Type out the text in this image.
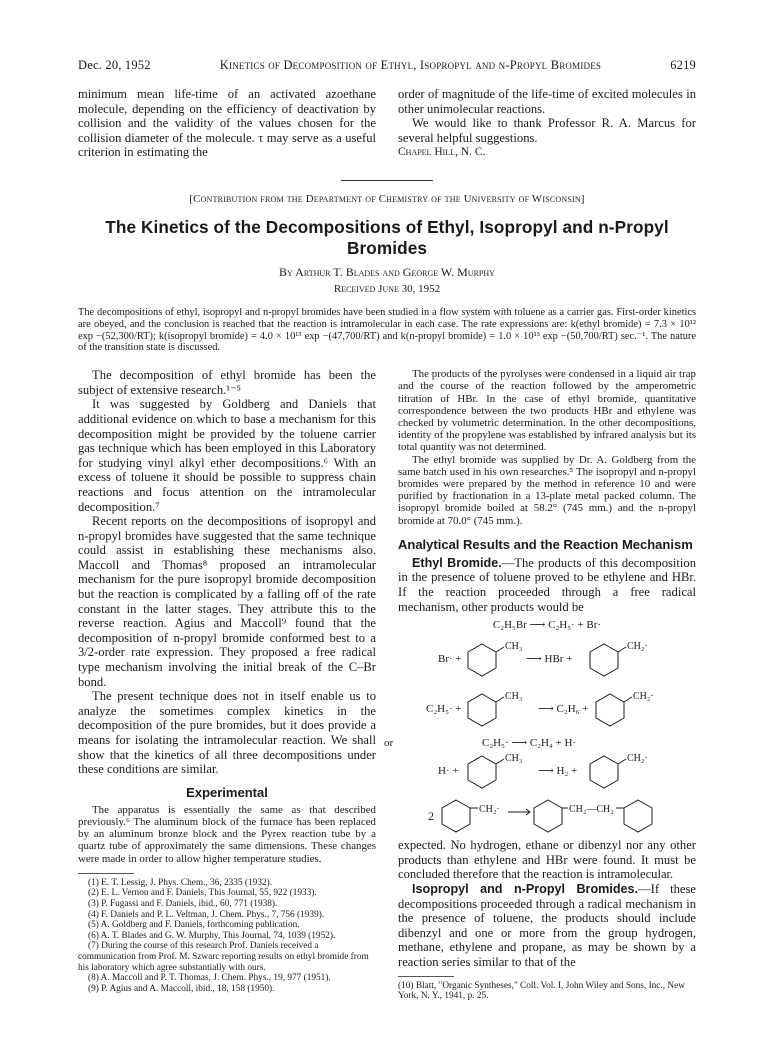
Dec. 20, 1952	Kinetics of Decomposition of Ethyl, Isopropyl and n-Propyl Bromides	6219

minimum mean life-time of an activated azoethane molecule, depending on the efficiency of deactivation by collision and the validity of the values chosen for the collision diameter of the molecule. τ may serve as a useful criterion in estimating the

order of magnitude of the life-time of excited molecules in other unimolecular reactions.

We would like to thank Professor R. A. Marcus for several helpful suggestions.

Chapel Hill, N. C.

[Contribution from the Department of Chemistry of the University of Wisconsin]
The Kinetics of the Decompositions of Ethyl, Isopropyl and n-Propyl Bromides
By Arthur T. Blades and George W. Murphy
Received June 30, 1952

The decompositions of ethyl, isopropyl and n-propyl bromides have been studied in a flow system with toluene as a carrier gas. First-order kinetics are obeyed, and the conclusion is reached that the reaction is intramolecular in each case. The rate expressions are: k(ethyl bromide) = 7.3 × 10¹² exp −(52,300/RT); k(isopropyl bromide) = 4.0 × 10¹³ exp −(47,700/RT) and k(n-propyl bromide) = 1.0 × 10¹³ exp −(50,700/RT) sec.⁻¹. The nature of the transition state is discussed.

The decomposition of ethyl bromide has been the subject of extensive research.¹⁻⁵

It was suggested by Goldberg and Daniels that additional evidence on which to base a mechanism for this decomposition might be provided by the toluene carrier gas technique which has been employed in this Laboratory for studying vinyl alkyl ether decompositions.⁶ With an excess of toluene it should be possible to suppress chain reactions and focus attention on the intramolecular decomposition.⁷

Recent reports on the decompositions of isopropyl and n-propyl bromides have suggested that the same technique could assist in establishing these mechanisms also. Maccoll and Thomas⁸ proposed an intramolecular mechanism for the pure isopropyl bromide decomposition but the reaction is complicated by a falling off of the rate constant in the latter stages. They attribute this to the reverse reaction. Agius and Maccoll⁹ found that the decomposition of n-propyl bromide conformed best to a 3/2-order rate expression. They proposed a free radical type mechanism involving the initial break of the C–Br bond.

The present technique does not in itself enable us to analyze the sometimes complex kinetics in the decomposition of the pure bromides, but it does provide a means for isolating the intramolecular reaction. We shall show that the kinetics of all three decompositions under these conditions are similar.

Experimental

The apparatus is essentially the same as that described previously.⁶ The aluminum block of the furnace has been replaced by an aluminum bronze block and the Pyrex reaction tube by a quartz tube of approximately the same dimensions. These changes were made in order to allow higher temperature studies.

(1) E. T. Lessig, J. Phys. Chem., 36, 2335 (1932).

(2) E. L. Vernon and F. Daniels, This Journal, 55, 922 (1933).

(3) P. Fugassi and F. Daniels, ibid., 60, 771 (1938).

(4) F. Daniels and P. L. Veltman, J. Chem. Phys., 7, 756 (1939).

(5) A. Goldberg and F. Daniels, forthcoming publication.

(6) A. T. Blades and G. W. Murphy, This Journal, 74, 1039 (1952).

(7) During the course of this research Prof. Daniels received a communication from Prof. M. Szwarc reporting results on ethyl bromide from his laboratory which agree substantially with ours.

(8) A. Maccoll and P. T. Thomas, J. Chem. Phys., 19, 977 (1951).

(9) P. Agius and A. Maccoll, ibid., 18, 158 (1950).

The products of the pyrolyses were condensed in a liquid air trap and the course of the reaction followed by the amperometric titration of HBr. In the case of ethyl bromide, quantitative correspondence between the two products HBr and ethylene was checked by volumetric determination. In the other decompositions, identity of the propylene was established by infrared analysis but its total quantity was not determined.

The ethyl bromide was supplied by Dr. A. Goldberg from the same batch used in his own researches.⁵ The isopropyl and n-propyl bromides were prepared by the method in reference 10 and were purified by fractionation in a 13-plate metal packed column. The isopropyl bromide boiled at 58.2° (745 mm.) and the n-propyl bromide at 70.0° (745 mm.).

Analytical Results and the Reaction Mechanism

Ethyl Bromide.—The products of this decomposition in the presence of toluene proved to be ethylene and HBr. If the reaction proceeded through a free radical mechanism, other products would be

C₂H₅Br ⟶ C₂H₅· + Br·
Br· +
CH₃
⟶ HBr +
CH₂·
C₂H₅· +
CH₃
⟶ C₂H₆ +
CH₂·
or	C₂H₅· ⟶ C₂H₄ + H·
H· +
CH₃
⟶ H₂ +
CH₂·
2	CH₂·	CH₂—CH₂

expected. No hydrogen, ethane or dibenzyl nor any other products than ethylene and HBr were found. It must be concluded therefore that the reaction is intramolecular.

Isopropyl and n-Propyl Bromides.—If these decompositions proceeded through a radical mechanism in the presence of toluene, the products should include dibenzyl and one or more from the group hydrogen, methane, ethylene and propane, as may be shown by a reaction series similar to that of the

(10) Blatt, "Organic Syntheses," Coll. Vol. I, John Wiley and Sons, Inc., New York, N. Y., 1941, p. 25.
